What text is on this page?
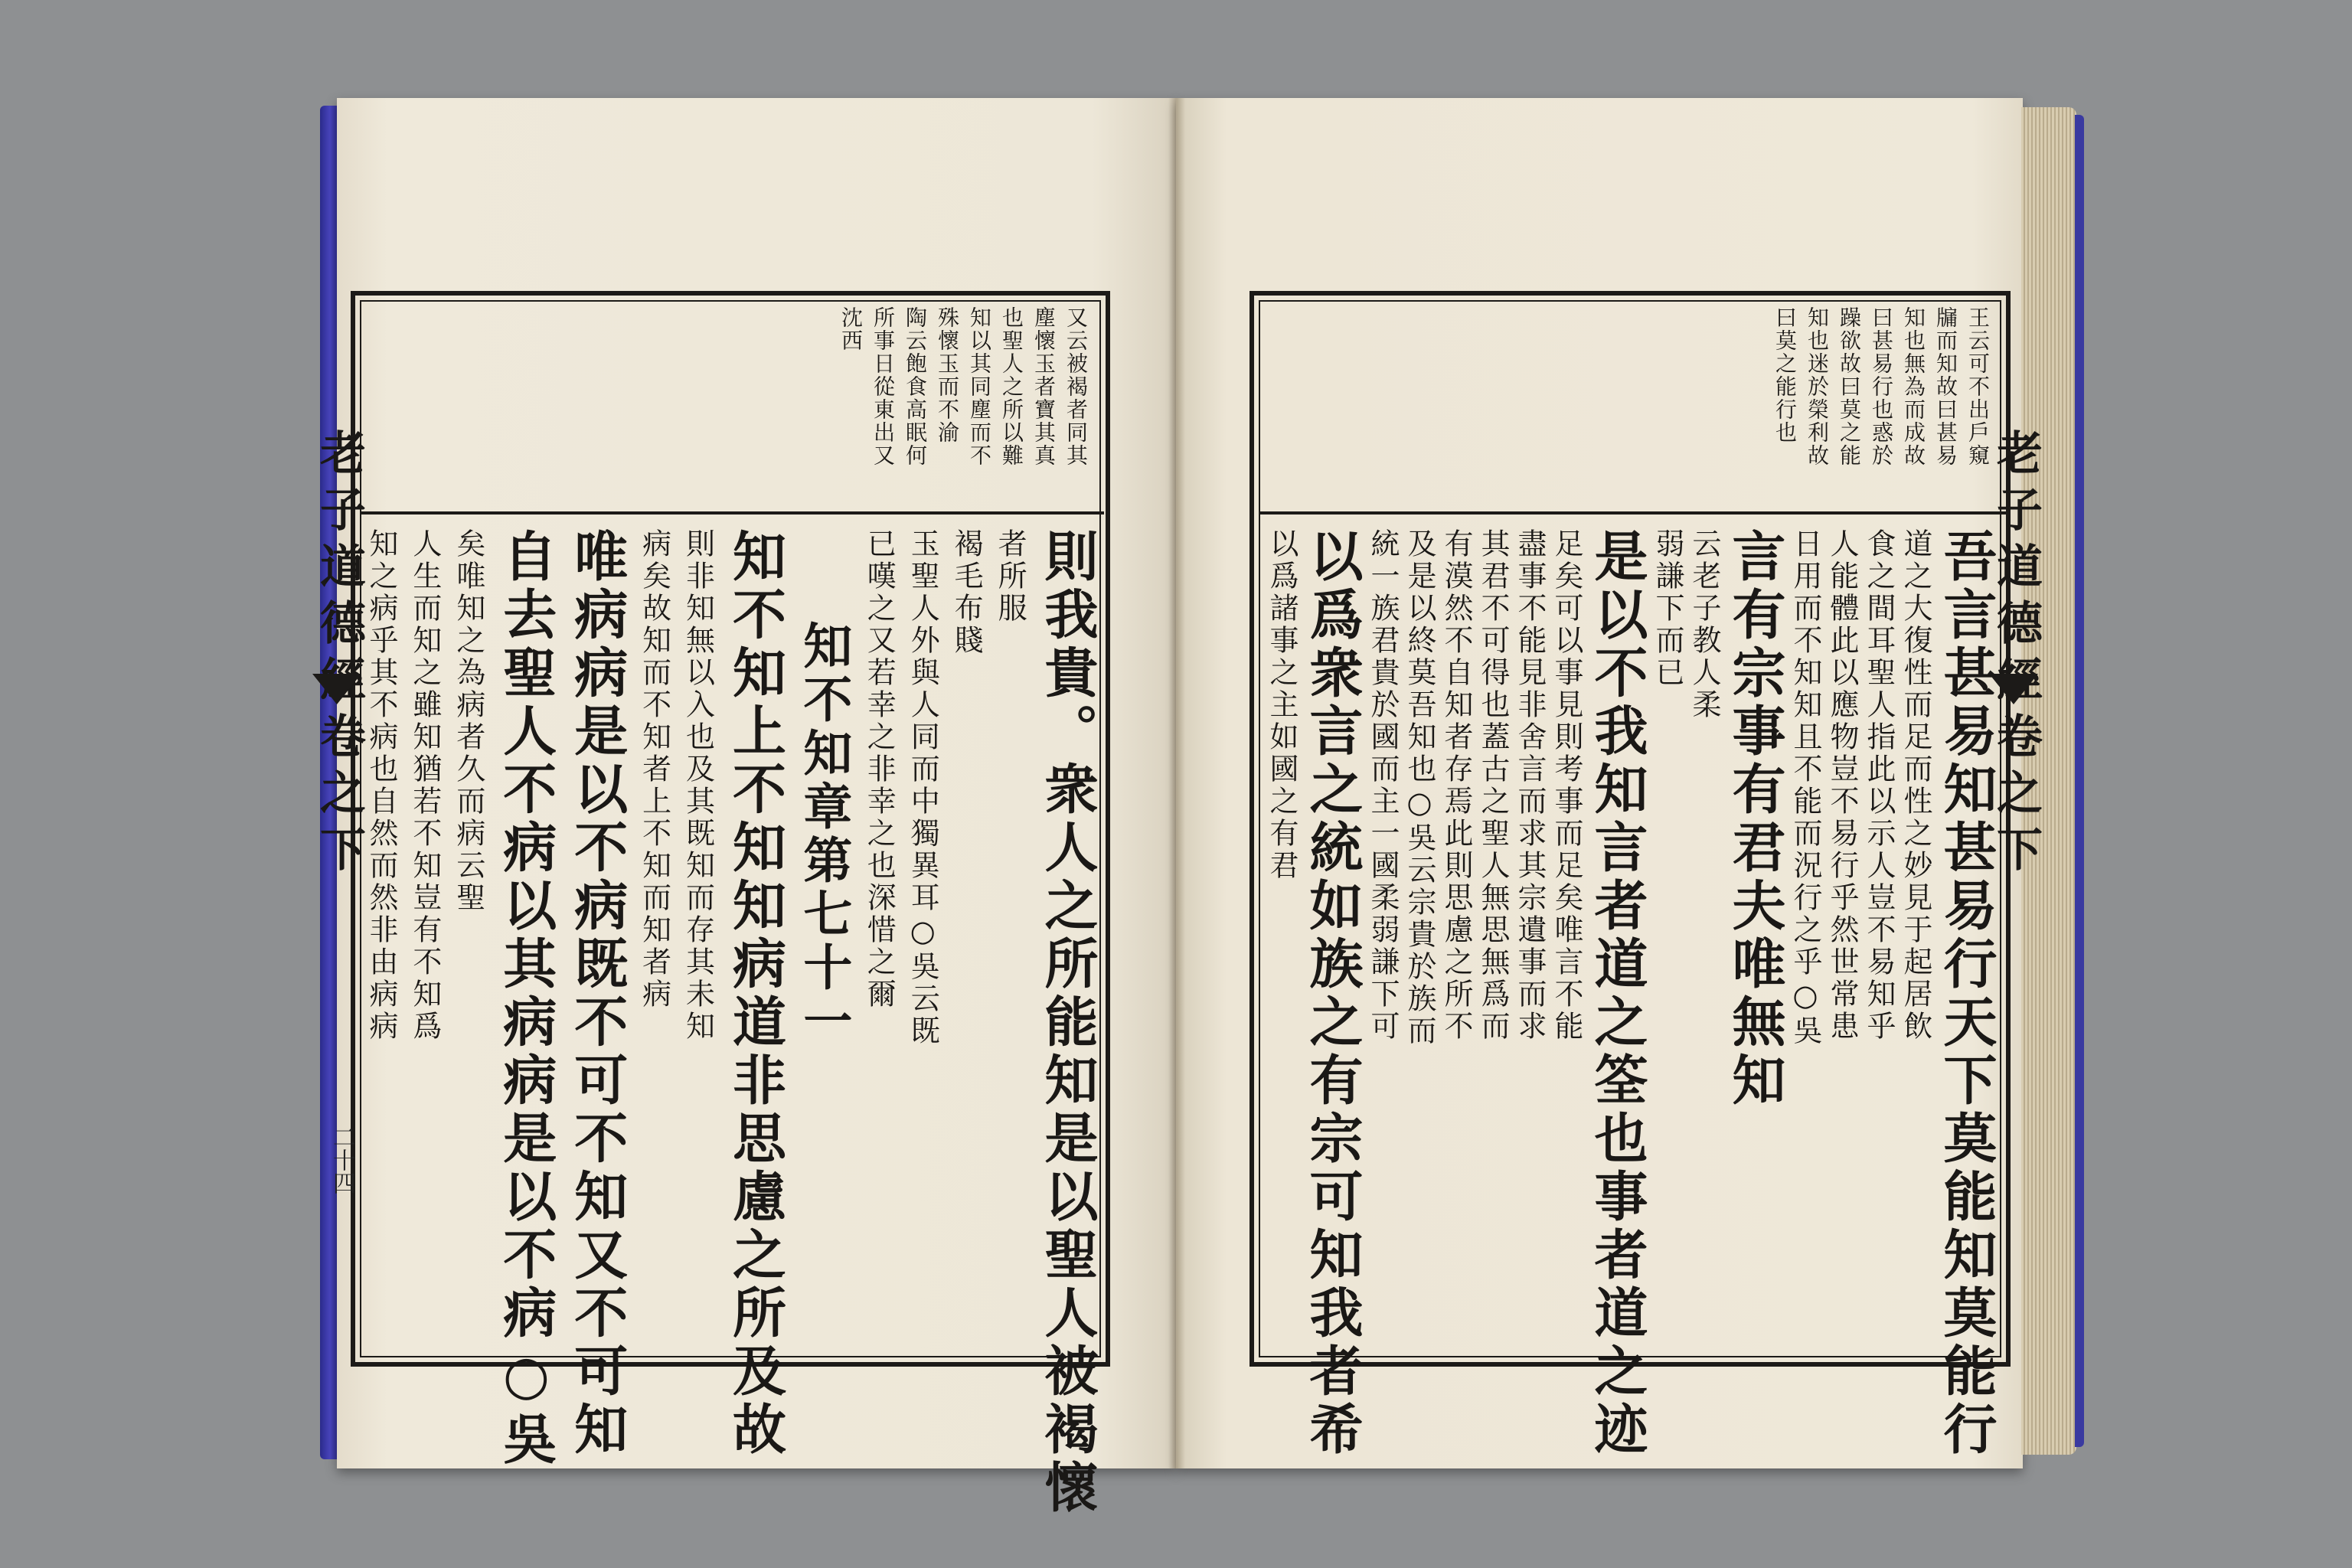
老子道德經
卷之下
二十四
老子道德經
卷之下
又云被褐者同其
塵懷玉者寶其真
也聖人之所以難
知以其同塵而不
殊懷玉而不渝
陶云飽食高眠何
所事日從東出又
沈西
則我貴。衆人之所能知是以聖人被褐懷
者所服
褐毛布賤
玉聖人外與人同而中獨異耳○吳云既
已嘆之又若幸之非幸之也深惜之爾
知不知章第七十一
知不知上不知知病道非思慮之所及故
則非知無以入也及其既知而存其未知
病矣故知而不知者上不知而知者病
唯病病是以不病既不可不知又不可知
自去聖人不病以其病病是以不病○吳
矣唯知之為病者久而病云聖
人生而知之雖知猶若不知豈有不知爲
知之病乎其不病也自然而然非由病病
王云可不出戶窺
牖而知故曰甚易
知也無為而成故
曰甚易行也惑於
躁欲故曰莫之能
知也迷於榮利故
曰莫之能行也
吾言甚易知甚易行天下莫能知莫能行
道之大復性而足而性之妙見于起居飲
食之間耳聖人指此以示人豈不易知乎
人能體此以應物豈不易行乎然世常患
日用而不知知且不能而況行之乎○吳
言有宗事有君夫唯無知
云老子教人柔
弱謙下而已
是以不我知言者道之筌也事者道之迹
足矣可以事見則考事而足矣唯言不能
盡事不能見非舍言而求其宗遺事而求
其君不可得也蓋古之聖人無思無爲而
有漠然不自知者存焉此則思慮之所不
及是以終莫吾知也○吳云宗貴於族而
統一族君貴於國而主一國柔弱謙下可
以爲衆言之統如族之有宗可知我者希
以爲諸事之主如國之有君
